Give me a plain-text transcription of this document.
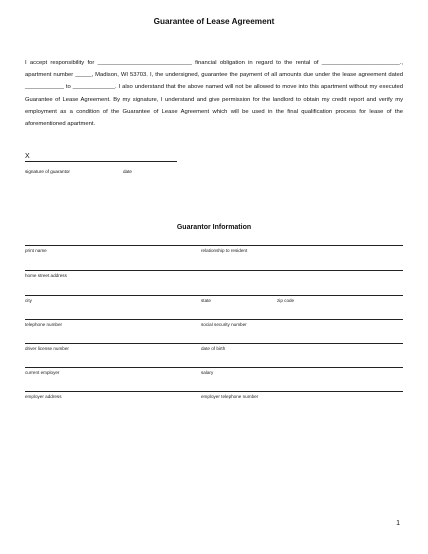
Guarantee of Lease Agreement

I accept responsibility for _____________________________ financial obligation in regard to the rental of ________________________., apartment number _____, Madison, WI 53703. I, the undersigned, guarantee the payment of all amounts due under the lease agreement dated ____________ to _____________. I also understand that the above named will not be allowed to move into this apartment without my executed Guarantee of Lease Agreement. By my signature, I understand and give permission for the landlord to obtain my credit report and verify my employment as a condition of the Guarantee of Lease Agreement which will be used in the final qualification process for lease of the aforementioned apartment.

X
signature of guarantor	date
Guarantor Information
print name	relationship to resident
home street address
city	state	zip code
telephone number	social security number
driver license number	date of birth
current employer	salary
employer address	employer telephone number
1
